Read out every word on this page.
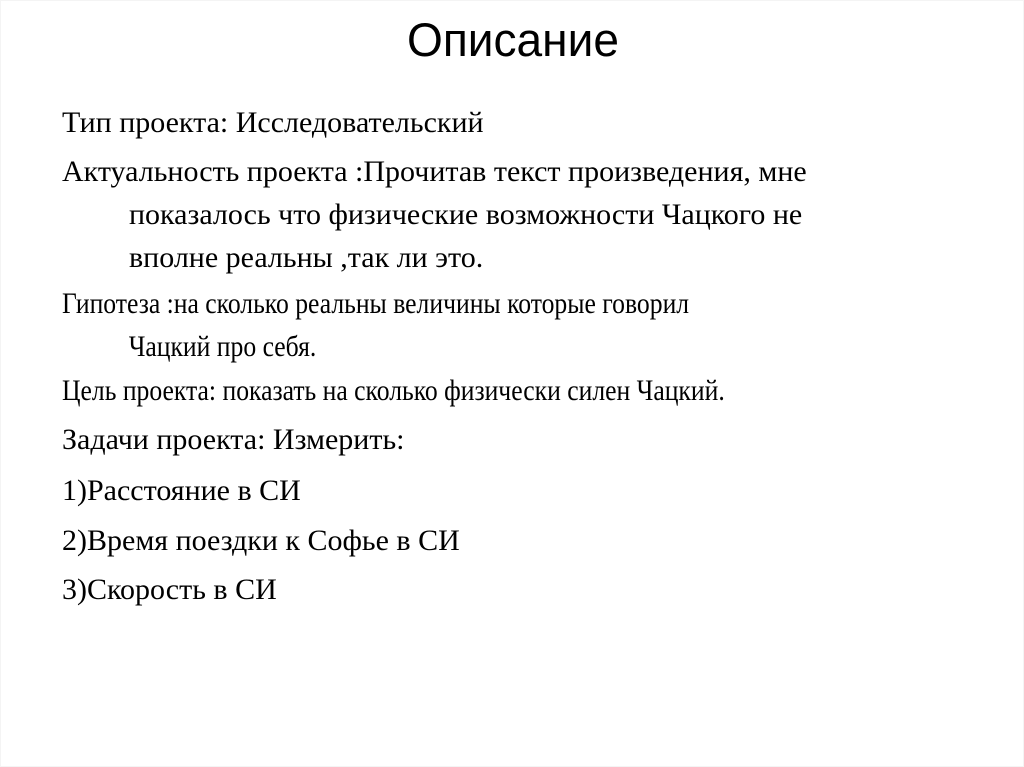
Описание
Тип проекта: Исследовательский
Актуальность проекта :Прочитав текст произведения, мне
показалось что физические возможности Чацкого не
вполне реальны ,так ли это.
Гипотеза :на сколько реальны величины которые говорил
Чацкий про себя.
Цель проекта: показать на сколько физически силен Чацкий.
Задачи проекта: Измерить:
1)Расстояние в СИ
2)Время поездки к Софье в СИ
3)Скорость в СИ
